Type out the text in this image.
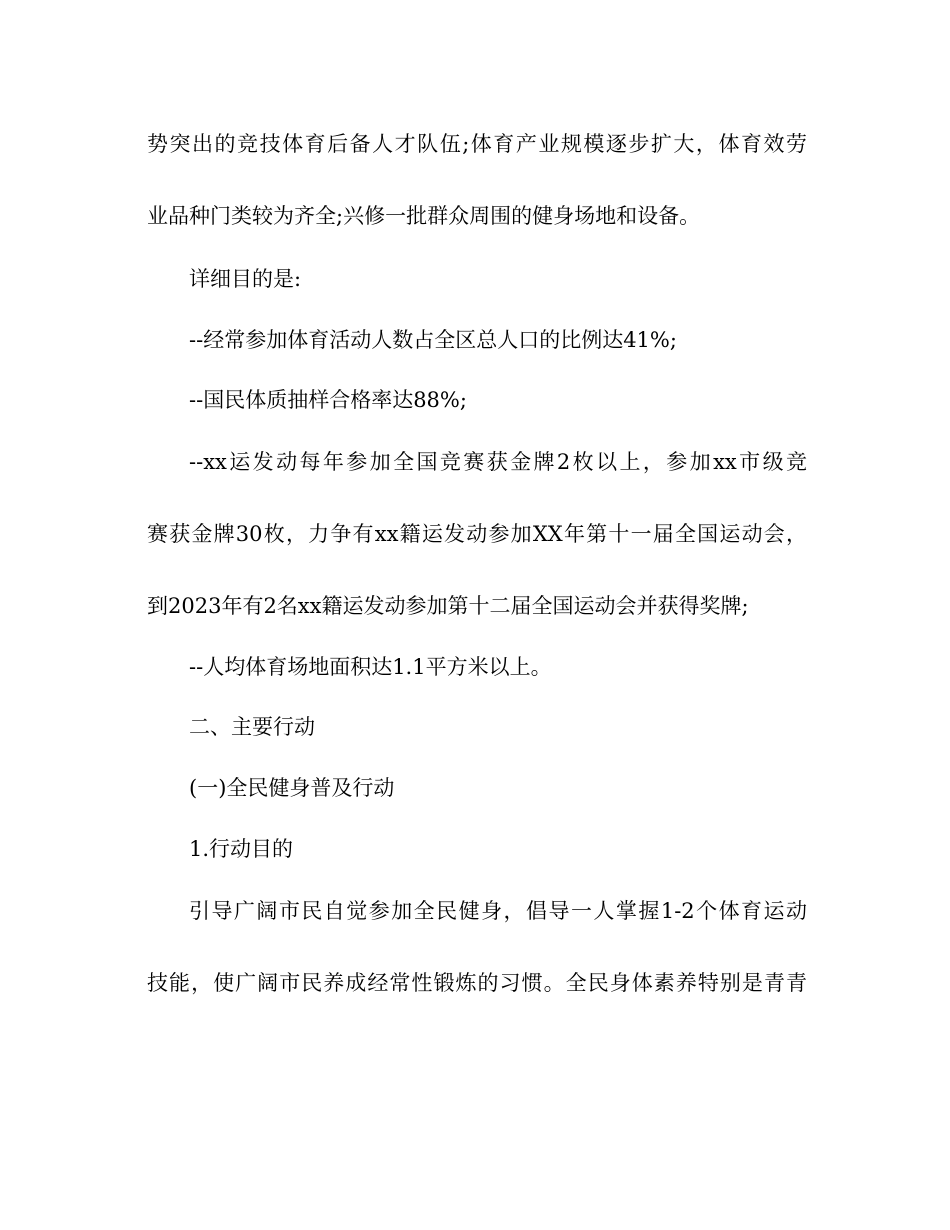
势突出的竞技体育后备人才队伍;体育产业规模逐步扩大，体育效劳
业品种门类较为齐全;兴修一批群众周围的健身场地和设备。
详细目的是:
--经常参加体育活动人数占全区总人口的比例达41%;
--国民体质抽样合格率达88%;
--xx运发动每年参加全国竞赛获金牌2枚以上，参加xx市级竞
赛获金牌30枚，力争有xx籍运发动参加XX年第十一届全国运动会，
到2023年有2名xx籍运发动参加第十二届全国运动会并获得奖牌;
--人均体育场地面积达1.1平方米以上。
二、主要行动
(一)全民健身普及行动
1.行动目的
引导广阔市民自觉参加全民健身，倡导一人掌握1-2个体育运动
技能，使广阔市民养成经常性锻炼的习惯。全民身体素养特别是青青
